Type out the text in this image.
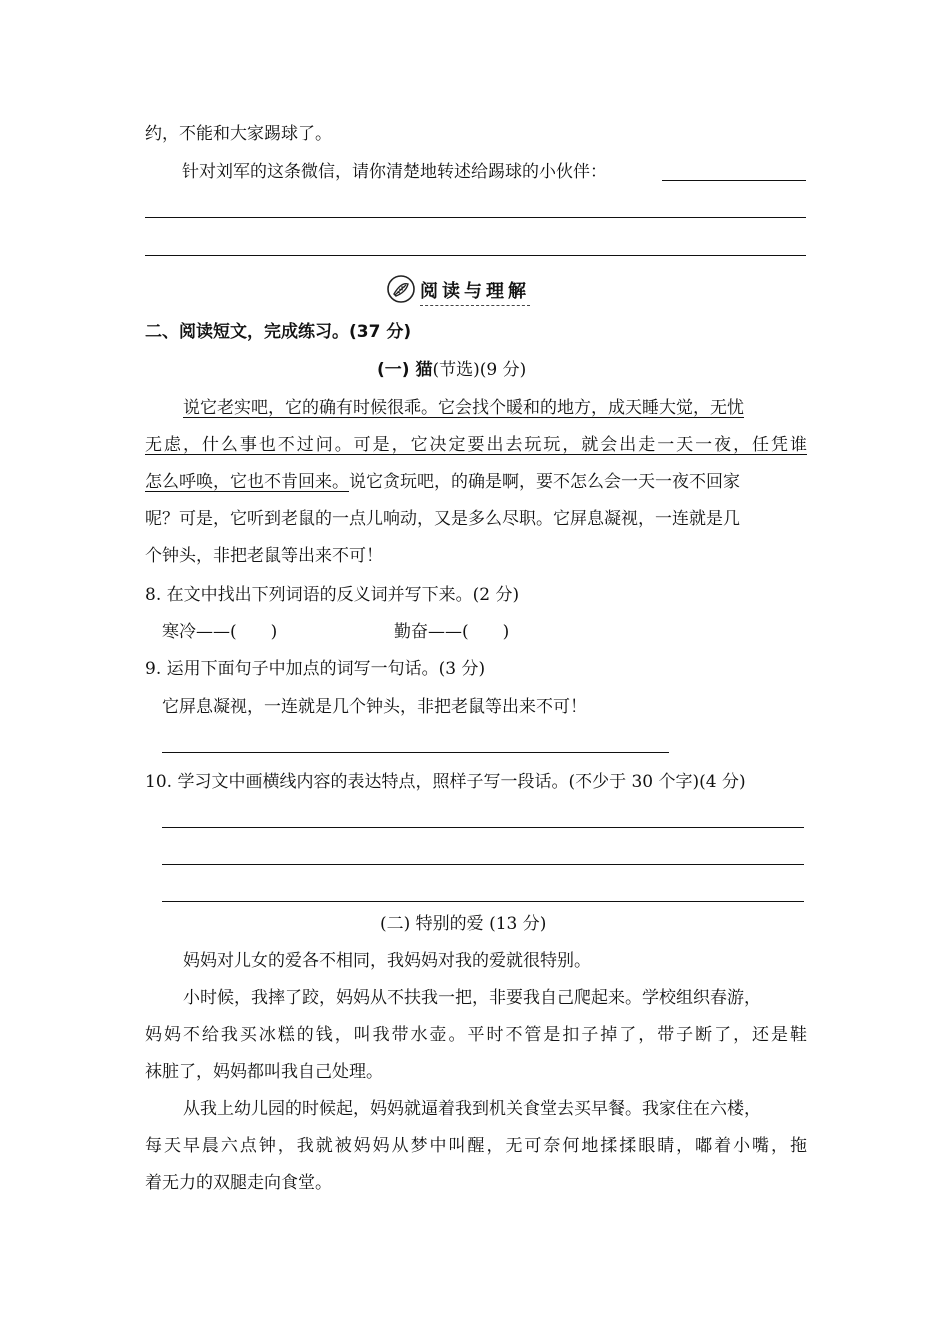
约，不能和大家踢球了。
针对刘军的这条微信，请你清楚地转述给踢球的小伙伴：
阅读与理解
二、阅读短文，完成练习。(37 分)
(一) 猫(节选)(9 分)
说它老实吧，它的确有时候很乖。它会找个暖和的地方，成天睡大觉，无忧
无虑，什么事也不过问。可是，它决定要出去玩玩，就会出走一天一夜，任凭谁
怎么呼唤，它也不肯回来。说它贪玩吧，的确是啊，要不怎么会一天一夜不回家
呢？可是，它听到老鼠的一点儿响动，又是多么尽职。它屏息凝视，一连就是几
个钟头，非把老鼠等出来不可！
8. 在文中找出下列词语的反义词并写下来。(2 分)
寒冷——(　　)	勤奋——(　　)
9. 运用下面句子中加点的词写一句话。(3 分)
它屏息凝视，一连就是几个钟头，非把老鼠等出来不可！
10. 学习文中画横线内容的表达特点，照样子写一段话。(不少于 30 个字)(4 分)
(二) 特别的爱 (13 分)
妈妈对儿女的爱各不相同，我妈妈对我的爱就很特别。
小时候，我摔了跤，妈妈从不扶我一把，非要我自己爬起来。学校组织春游，
妈妈不给我买冰糕的钱，叫我带水壶。平时不管是扣子掉了，带子断了，还是鞋
袜脏了，妈妈都叫我自己处理。
从我上幼儿园的时候起，妈妈就逼着我到机关食堂去买早餐。我家住在六楼，
每天早晨六点钟，我就被妈妈从梦中叫醒，无可奈何地揉揉眼睛，嘟着小嘴，拖
着无力的双腿走向食堂。
